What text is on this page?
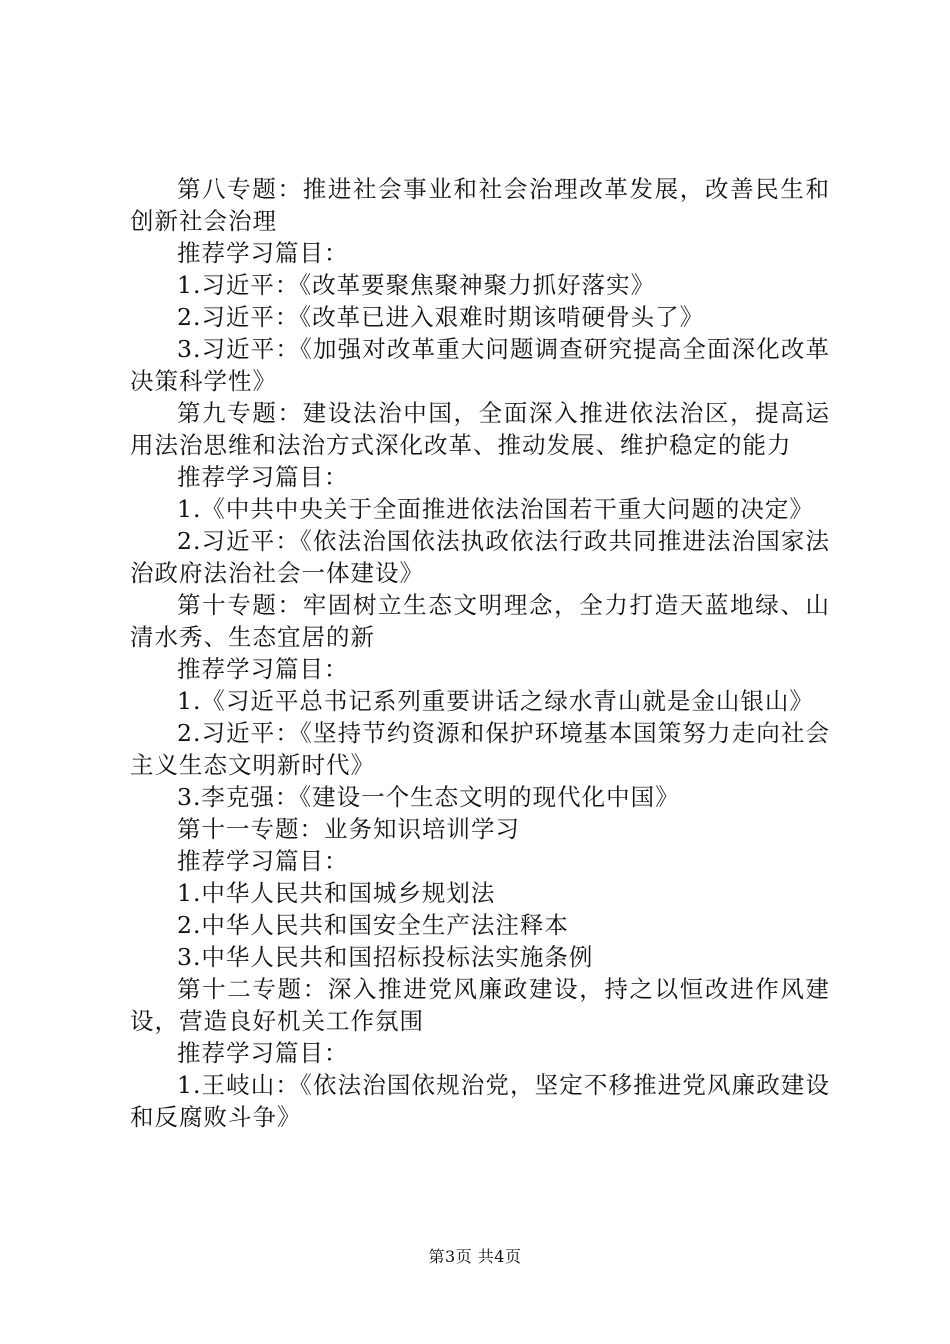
第八专题：推进社会事业和社会治理改革发展，改善民生和创新社会治理

推荐学习篇目：

1.习近平：《改革要聚焦聚神聚力抓好落实》

2.习近平：《改革已进入艰难时期该啃硬骨头了》

3.习近平：《加强对改革重大问题调查研究提高全面深化改革决策科学性》

第九专题：建设法治中国，全面深入推进依法治区，提高运用法治思维和法治方式深化改革、推动发展、维护稳定的能力

推荐学习篇目：

1.《中共中央关于全面推进依法治国若干重大问题的决定》

2.习近平：《依法治国依法执政依法行政共同推进法治国家法治政府法治社会一体建设》

第十专题：牢固树立生态文明理念，全力打造天蓝地绿、山清水秀、生态宜居的新

推荐学习篇目：

1.《习近平总书记系列重要讲话之绿水青山就是金山银山》

2.习近平：《坚持节约资源和保护环境基本国策努力走向社会主义生态文明新时代》

3.李克强：《建设一个生态文明的现代化中国》

第十一专题：业务知识培训学习

推荐学习篇目：

1.中华人民共和国城乡规划法

2.中华人民共和国安全生产法注释本

3.中华人民共和国招标投标法实施条例

第十二专题：深入推进党风廉政建设，持之以恒改进作风建设，营造良好机关工作氛围

推荐学习篇目：

1.王岐山：《依法治国依规治党，坚定不移推进党风廉政建设和反腐败斗争》

第3页 共4页
